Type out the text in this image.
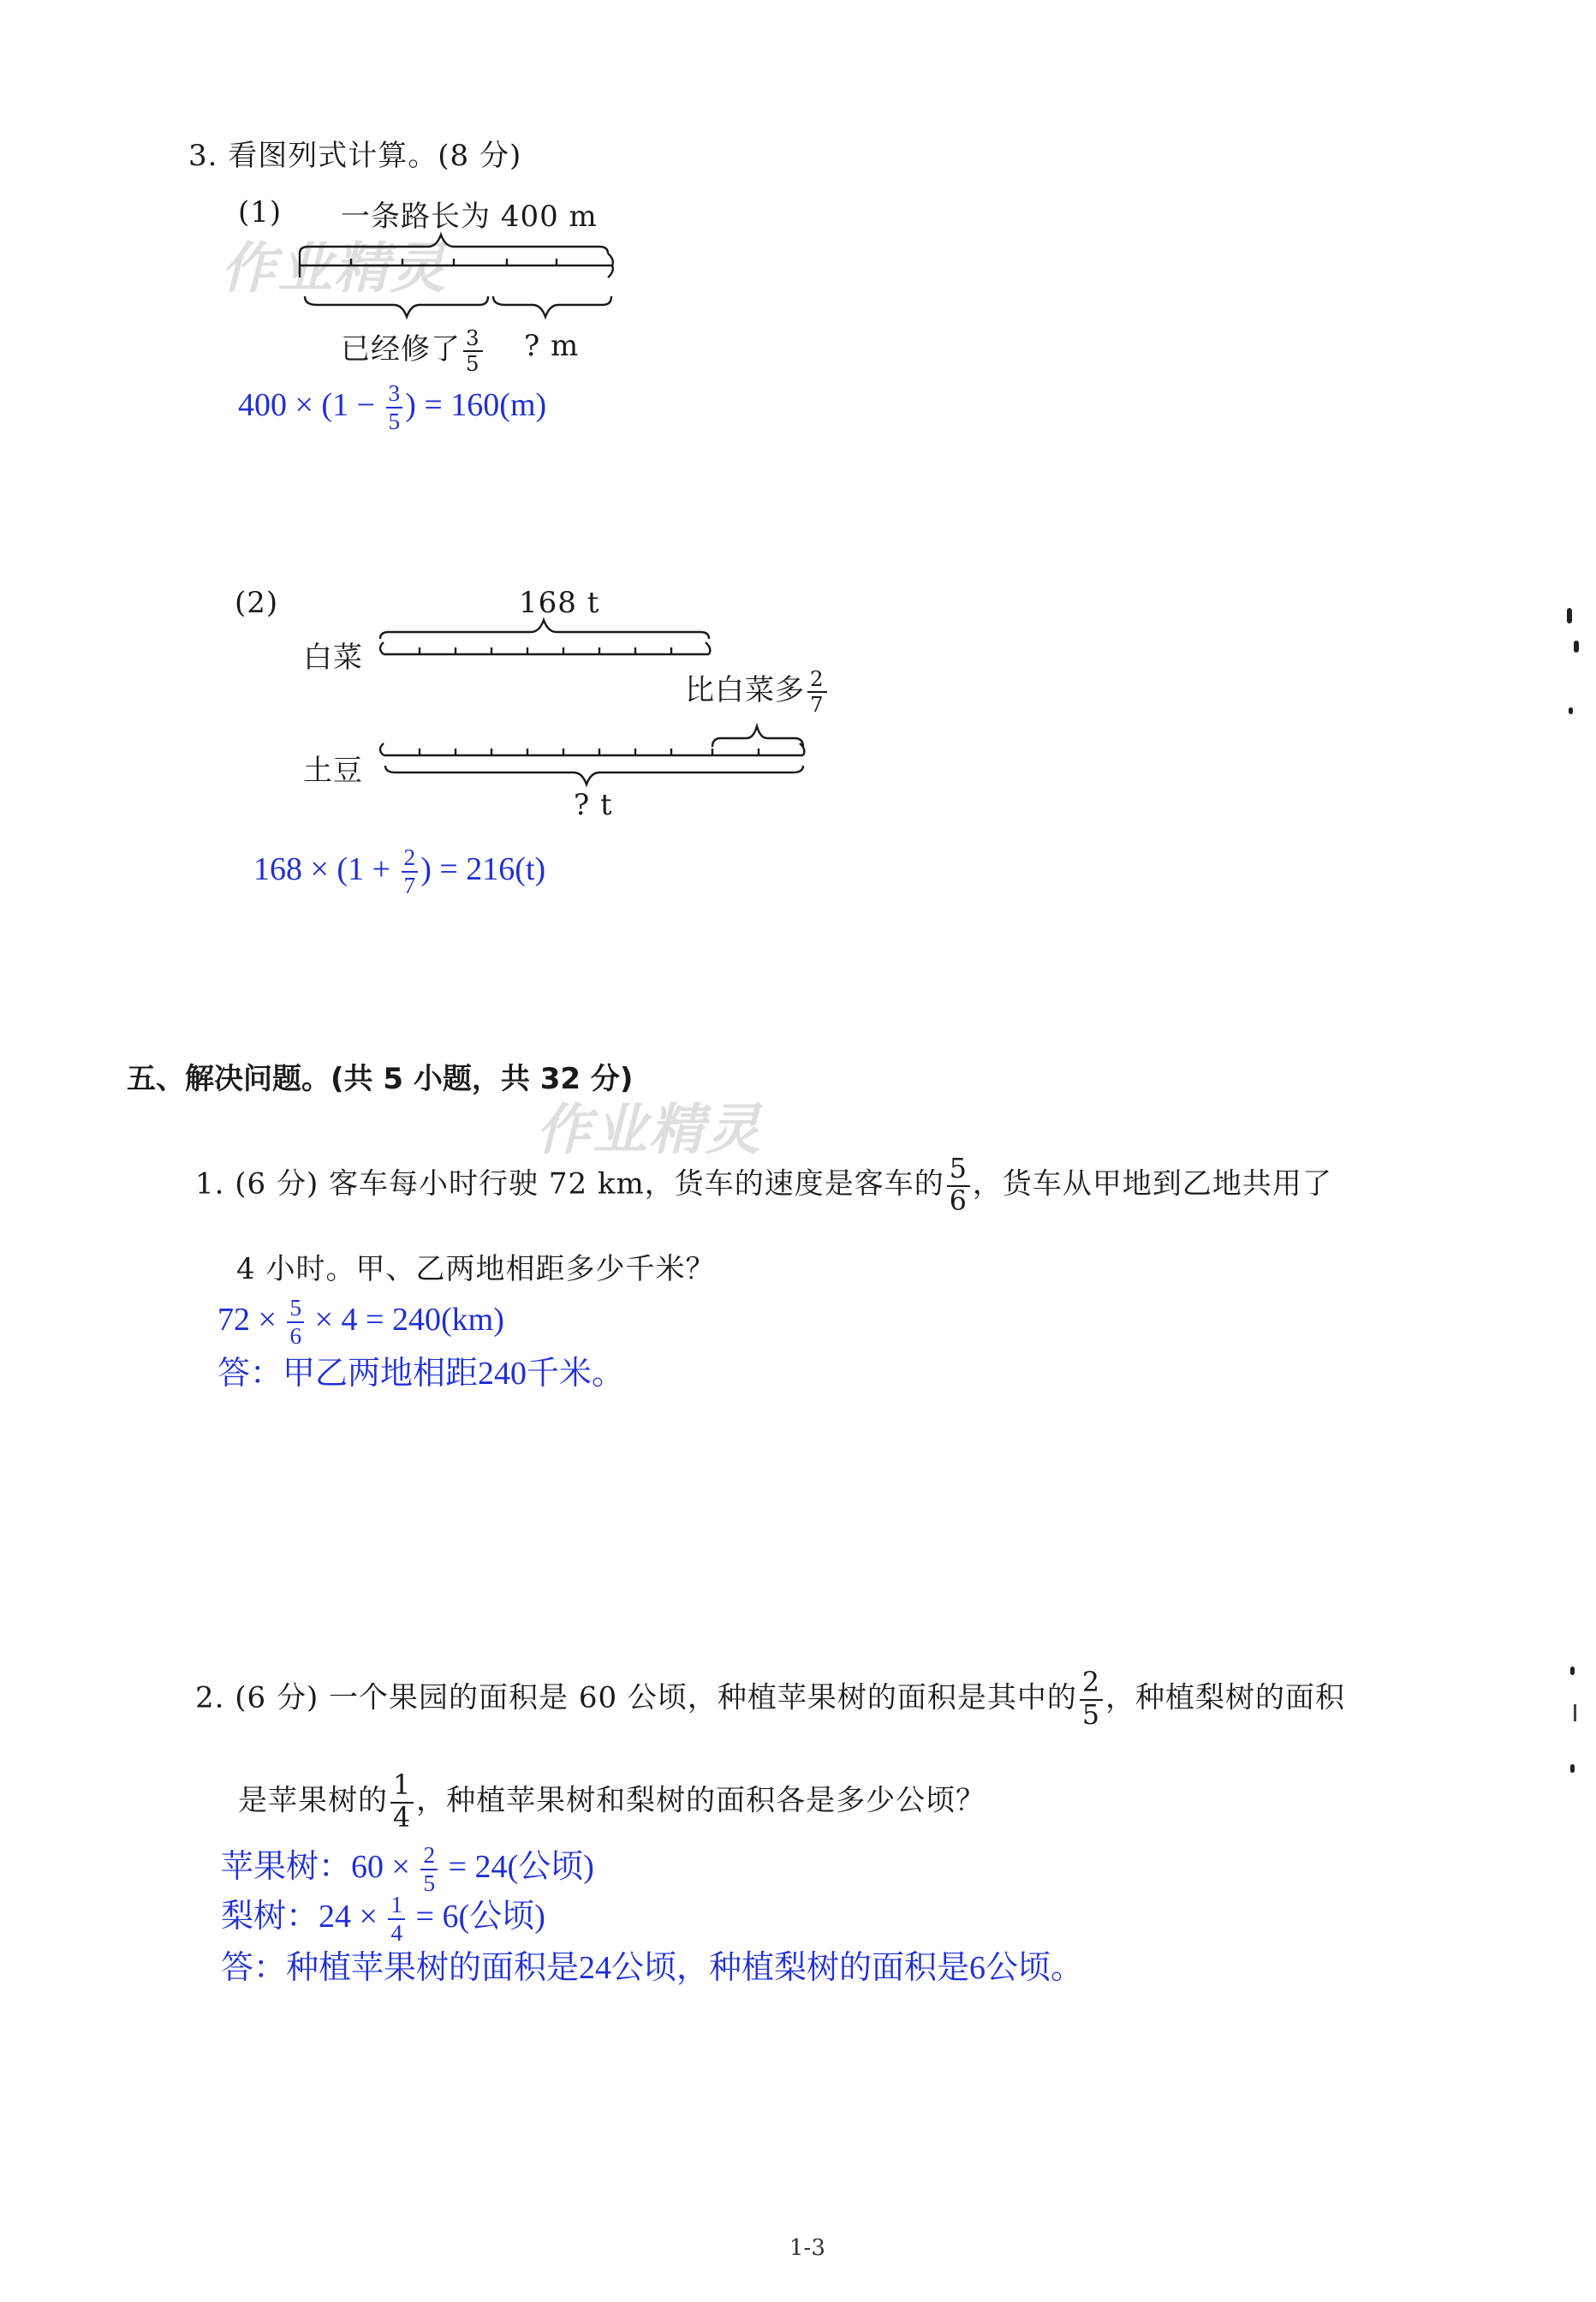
3. 看图列式计算。(8 分)
(1) 一条路长为 400 m
作业精灵
已经修了 $\frac{3}{5}$ ? m
$400 \times (1 - \frac{3}{5}$ ) = 160(m)
(2)	168 t
白菜
土豆
比白菜多 $\frac{2}{7}$
? t
$168 \times (1 + \frac{2}{7}$ ) = 216(t)
五、解决问题。(共 5 小题，共 32 分)
作业精灵
1. (6 分) 客车每小时行驶 72 km，货车的速度是客车的 $\frac{5}{6}$ ，货车从甲地到乙地共用了
4 小时。甲、乙两地相距多少千米？
$72 \times \frac{5}{6} \times 4 = 240(km)$
答：甲乙两地相距240千米。
2. (6 分) 一个果园的面积是 60 公顷，种植苹果树的面积是其中的 $\frac{2}{5}$ ，种植梨树的面积
是苹果树的 $\frac{1}{4}$ ，种植苹果树和梨树的面积各是多少公顷？
苹果树：$60 \times \frac{2}{5} = 24$(公顷)
梨树：$24 \times \frac{1}{4} = 6$(公顷)
答：种植苹果树的面积是24公顷，种植梨树的面积是6公顷。
1-3
